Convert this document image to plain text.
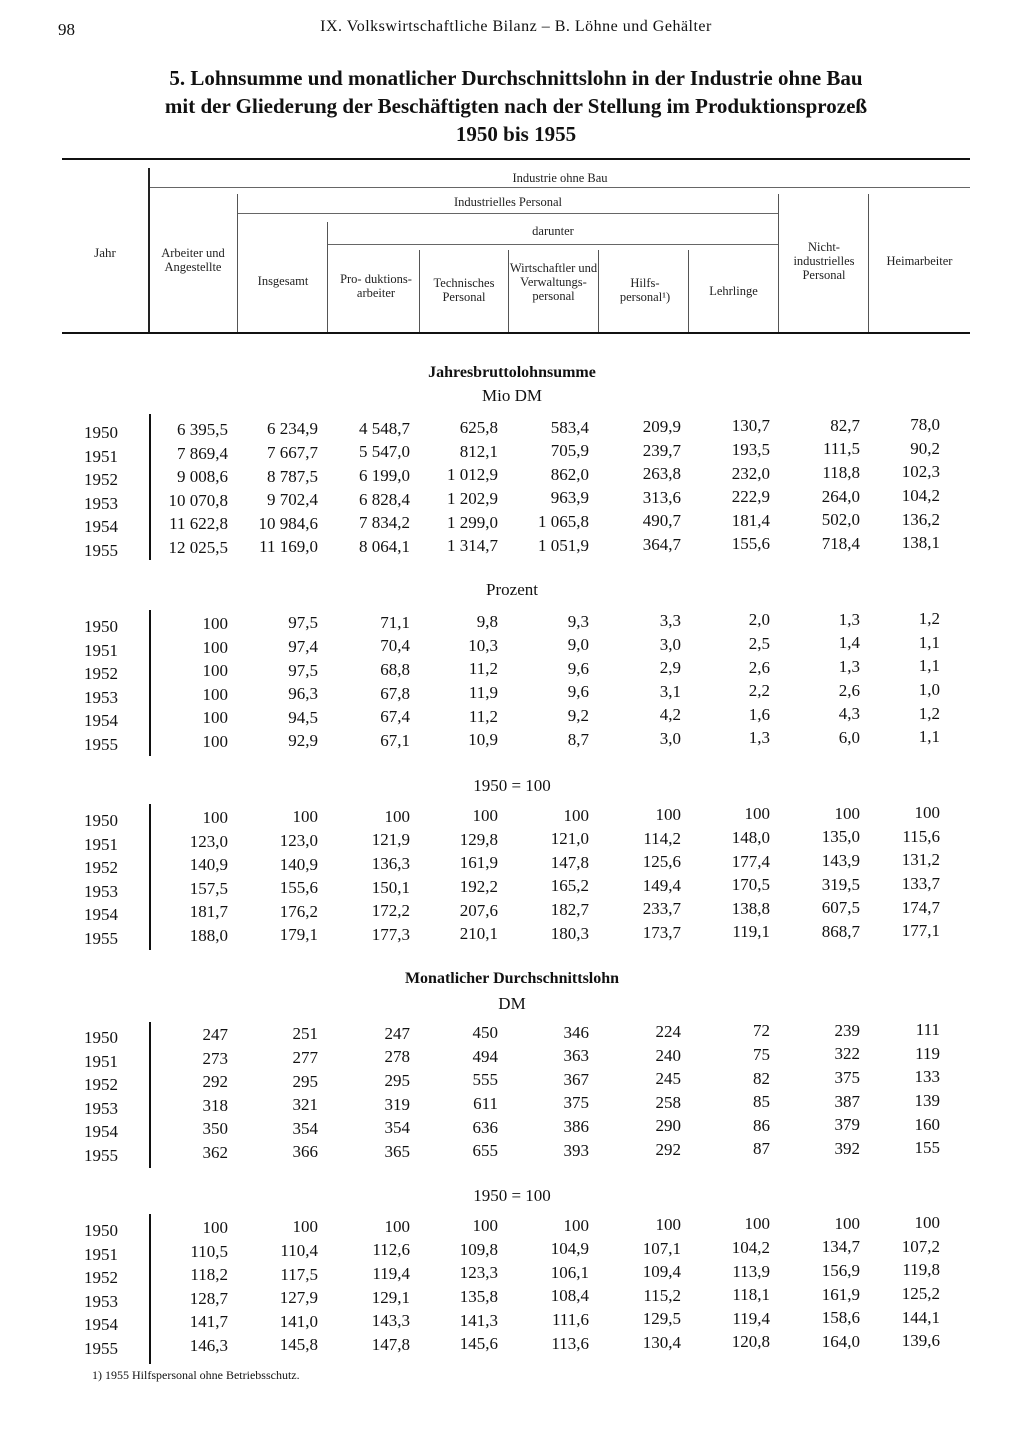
98	IX. Volkswirtschaftliche Bilanz – B. Löhne und Gehälter
5. Lohnsumme und monatlicher Durchschnittslohn in der Industrie ohne Bau
mit der Gliederung der Beschäftigten nach der Stellung im Produktionsprozeß
1950 bis 1955
Jahr
Industrie ohne Bau
Industrielles Personal
darunter
Arbeiter und Angestellte
Insgesamt	Pro- duktions- arbeiter
Technisches Personal
Wirtschaftler und Verwaltungs- personal
Hilfs- personal¹)	Lehrlinge
Nicht- industrielles Personal
Heimarbeiter
Jahresbruttolohnsumme
Mio DM
1950	6 395,5	6 234,9	4 548,7	625,8	583,4	209,9	130,7	82,7	78,0
1951	7 869,4	7 667,7	5 547,0	812,1	705,9	239,7	193,5	111,5	90,2
1952	9 008,6	8 787,5	6 199,0	1 012,9	862,0	263,8	232,0	118,8	102,3
1953	10 070,8	9 702,4	6 828,4	1 202,9	963,9	313,6	222,9	264,0	104,2
1954	11 622,8	10 984,6	7 834,2	1 299,0	1 065,8	490,7	181,4	502,0	136,2
1955	12 025,5	11 169,0	8 064,1	1 314,7	1 051,9	364,7	155,6	718,4	138,1
Prozent
1950	100	97,5	71,1	9,8	9,3	3,3	2,0	1,3	1,2
1951	100	97,4	70,4	10,3	9,0	3,0	2,5	1,4	1,1
1952	100	97,5	68,8	11,2	9,6	2,9	2,6	1,3	1,1
1953	100	96,3	67,8	11,9	9,6	3,1	2,2	2,6	1,0
1954	100	94,5	67,4	11,2	9,2	4,2	1,6	4,3	1,2
1955	100	92,9	67,1	10,9	8,7	3,0	1,3	6,0	1,1
1950 = 100
1950	100	100	100	100	100	100	100	100	100
1951	123,0	123,0	121,9	129,8	121,0	114,2	148,0	135,0	115,6
1952	140,9	140,9	136,3	161,9	147,8	125,6	177,4	143,9	131,2
1953	157,5	155,6	150,1	192,2	165,2	149,4	170,5	319,5	133,7
1954	181,7	176,2	172,2	207,6	182,7	233,7	138,8	607,5	174,7
1955	188,0	179,1	177,3	210,1	180,3	173,7	119,1	868,7	177,1
Monatlicher Durchschnittslohn
DM
1950	247	251	247	450	346	224	72	239	111
1951	273	277	278	494	363	240	75	322	119
1952	292	295	295	555	367	245	82	375	133
1953	318	321	319	611	375	258	85	387	139
1954	350	354	354	636	386	290	86	379	160
1955	362	366	365	655	393	292	87	392	155
1950 = 100
1950	100	100	100	100	100	100	100	100	100
1951	110,5	110,4	112,6	109,8	104,9	107,1	104,2	134,7	107,2
1952	118,2	117,5	119,4	123,3	106,1	109,4	113,9	156,9	119,8
1953	128,7	127,9	129,1	135,8	108,4	115,2	118,1	161,9	125,2
1954	141,7	141,0	143,3	141,3	111,6	129,5	119,4	158,6	144,1
1955	146,3	145,8	147,8	145,6	113,6	130,4	120,8	164,0	139,6
1) 1955 Hilfspersonal ohne Betriebsschutz.
